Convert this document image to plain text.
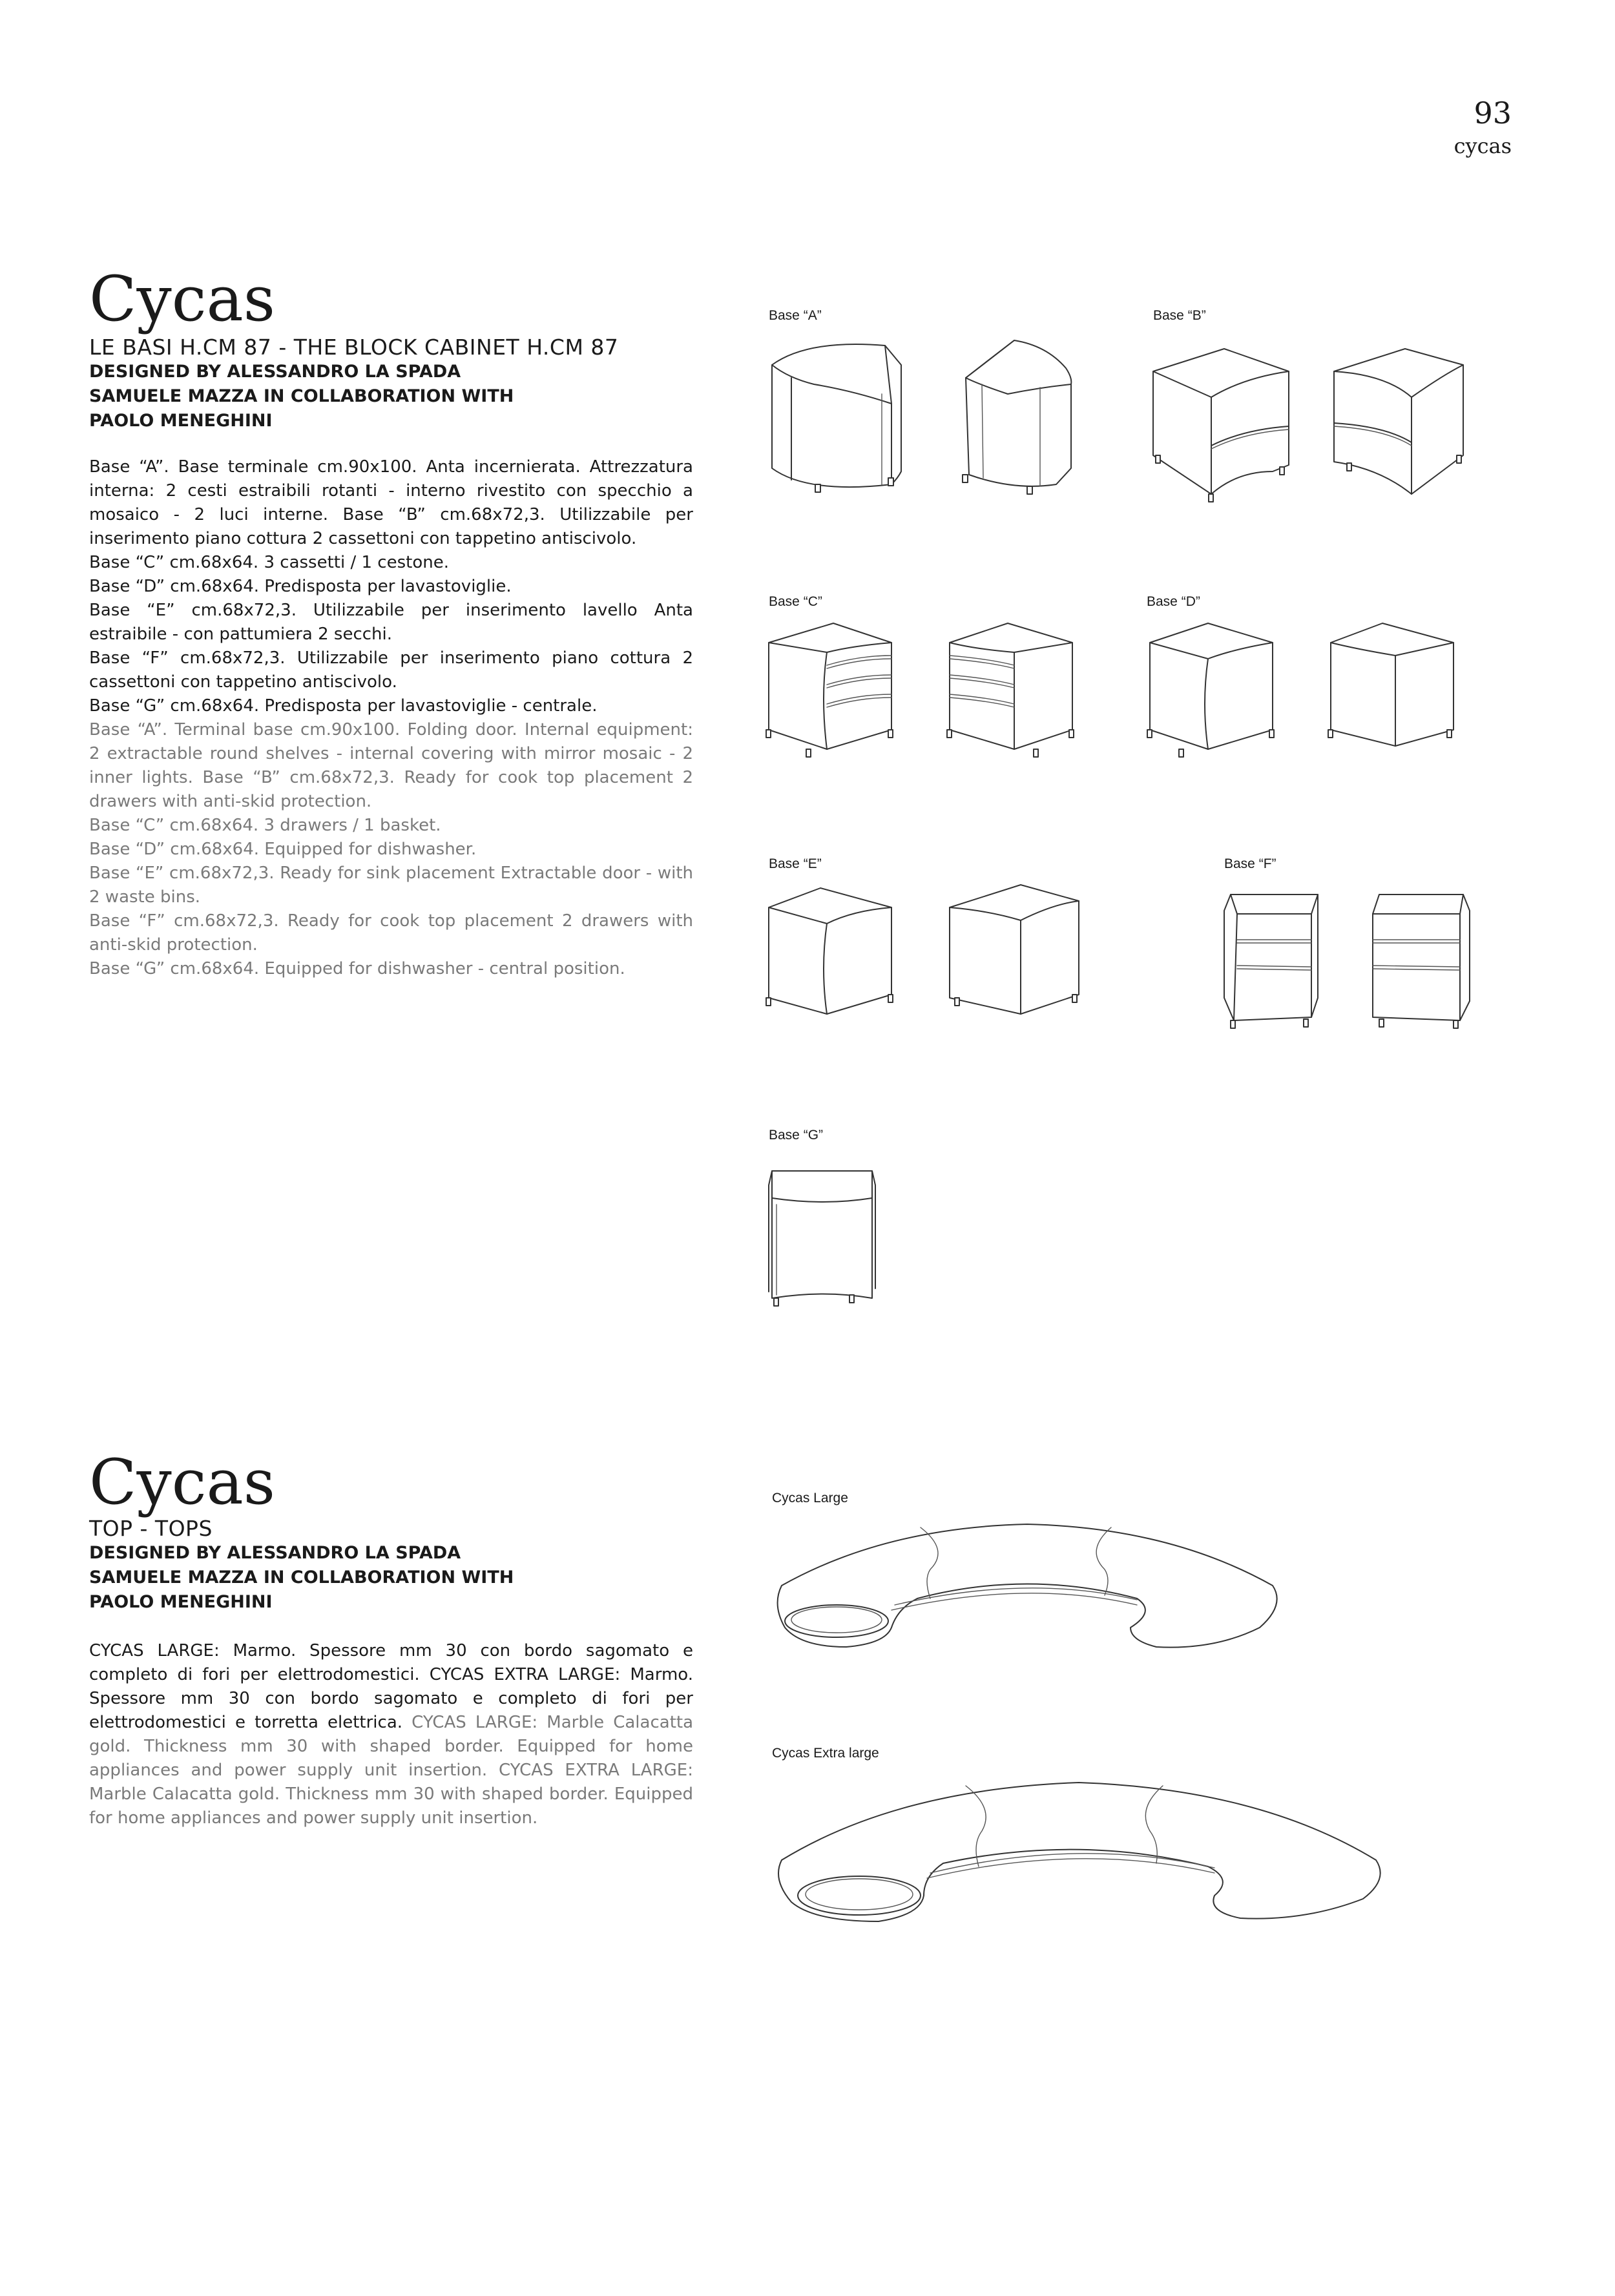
93
cycas
Cycas
LE BASI H.CM 87 - THE BLOCK CABINET H.CM 87
DESIGNED BY ALESSANDRO LA SPADA
SAMUELE MAZZA IN COLLABORATION WITH
PAOLO MENEGHINI
Base “A”. Base terminale cm.90x100. Anta incernierata. Attrezzatura interna: 2 cesti estraibili rotanti - interno rivestito con specchio a mosaico - 2 luci interne. Base “B” cm.68x72,3. Utilizzabile per inserimento piano cottura 2 cassettoni con tappetino antiscivolo.
Base “C” cm.68x64. 3 cassetti / 1 cestone.
Base “D” cm.68x64. Predisposta per lavastoviglie.
Base “E” cm.68x72,3. Utilizzabile per inserimento lavello Anta estraibile - con pattumiera 2 secchi.
Base “F” cm.68x72,3. Utilizzabile per inserimento piano cottura 2 cassettoni con tappetino antiscivolo.
Base “G” cm.68x64. Predisposta per lavastoviglie - centrale.
Base “A”. Terminal base cm.90x100. Folding door. Internal equipment: 2 extractable round shelves - internal covering with mirror mosaic - 2 inner lights. Base “B” cm.68x72,3. Ready for cook top placement 2 drawers with anti-skid protection.
Base “C” cm.68x64. 3 drawers / 1 basket.
Base “D” cm.68x64. Equipped for dishwasher.
Base “E” cm.68x72,3. Ready for sink placement Extractable door - with 2 waste bins.
Base “F” cm.68x72,3. Ready for cook top placement 2 drawers with anti-skid protection.
Base “G” cm.68x64. Equipped for dishwasher - central position.
Base “A”	Base “B”
Base “C”	Base “D”
Base “E”	Base “F”
Base “G”
Cycas
TOP - TOPS
DESIGNED BY ALESSANDRO LA SPADA
SAMUELE MAZZA IN COLLABORATION WITH
PAOLO MENEGHINI
CYCAS LARGE: Marmo. Spessore mm 30 con bordo sagomato e completo di fori per elettrodomestici. CYCAS EXTRA LARGE: Marmo. Spessore mm 30 con bordo sagomato e completo di fori per elettrodomestici e torretta elettrica. CYCAS LARGE: Marble Calacatta gold. Thickness mm 30 with shaped border. Equipped for home appliances and power supply unit insertion. CYCAS EXTRA LARGE: Marble Calacatta gold. Thickness mm 30 with shaped border. Equipped for home appliances and power supply unit insertion.
Cycas Large
Cycas Extra large
